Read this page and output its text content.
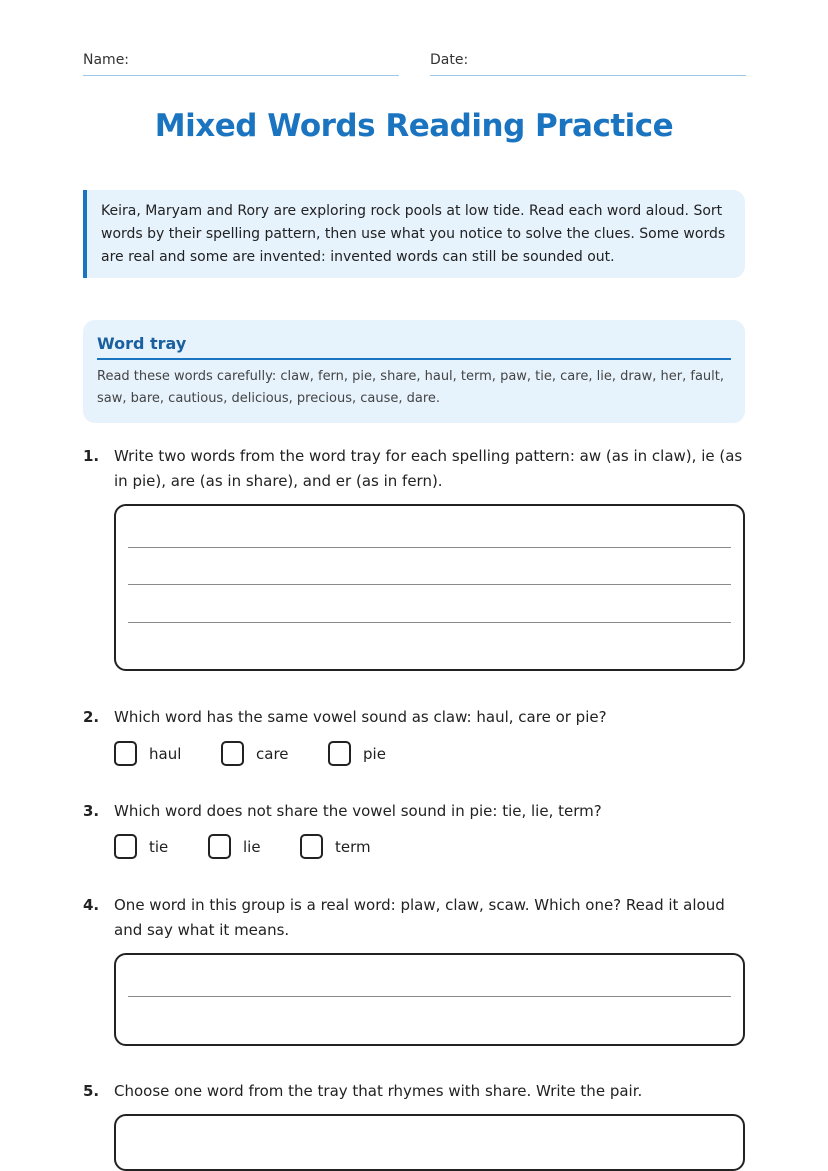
Name:	Date:
Mixed Words Reading Practice
Keira, Maryam and Rory are exploring rock pools at low tide. Read each word aloud. Sort words by their spelling pattern, then use what you notice to solve the clues. Some words are real and some are invented: invented words can still be sounded out.
Word tray

Read these words carefully: claw, fern, pie, share, haul, term, paw, tie, care, lie, draw, her, fault, saw, bare, cautious, delicious, precious, cause, dare.

1. Write two words from the word tray for each spelling pattern: aw (as in claw), ie (as in pie), are (as in share), and er (as in fern).
2. Which word has the same vowel sound as claw: haul, care or pie?
haul	care	pie
3. Which word does not share the vowel sound in pie: tie, lie, term?
tie	lie	term
4. One word in this group is a real word: plaw, claw, scaw. Which one? Read it aloud and say what it means.
5. Choose one word from the tray that rhymes with share. Write the pair.
